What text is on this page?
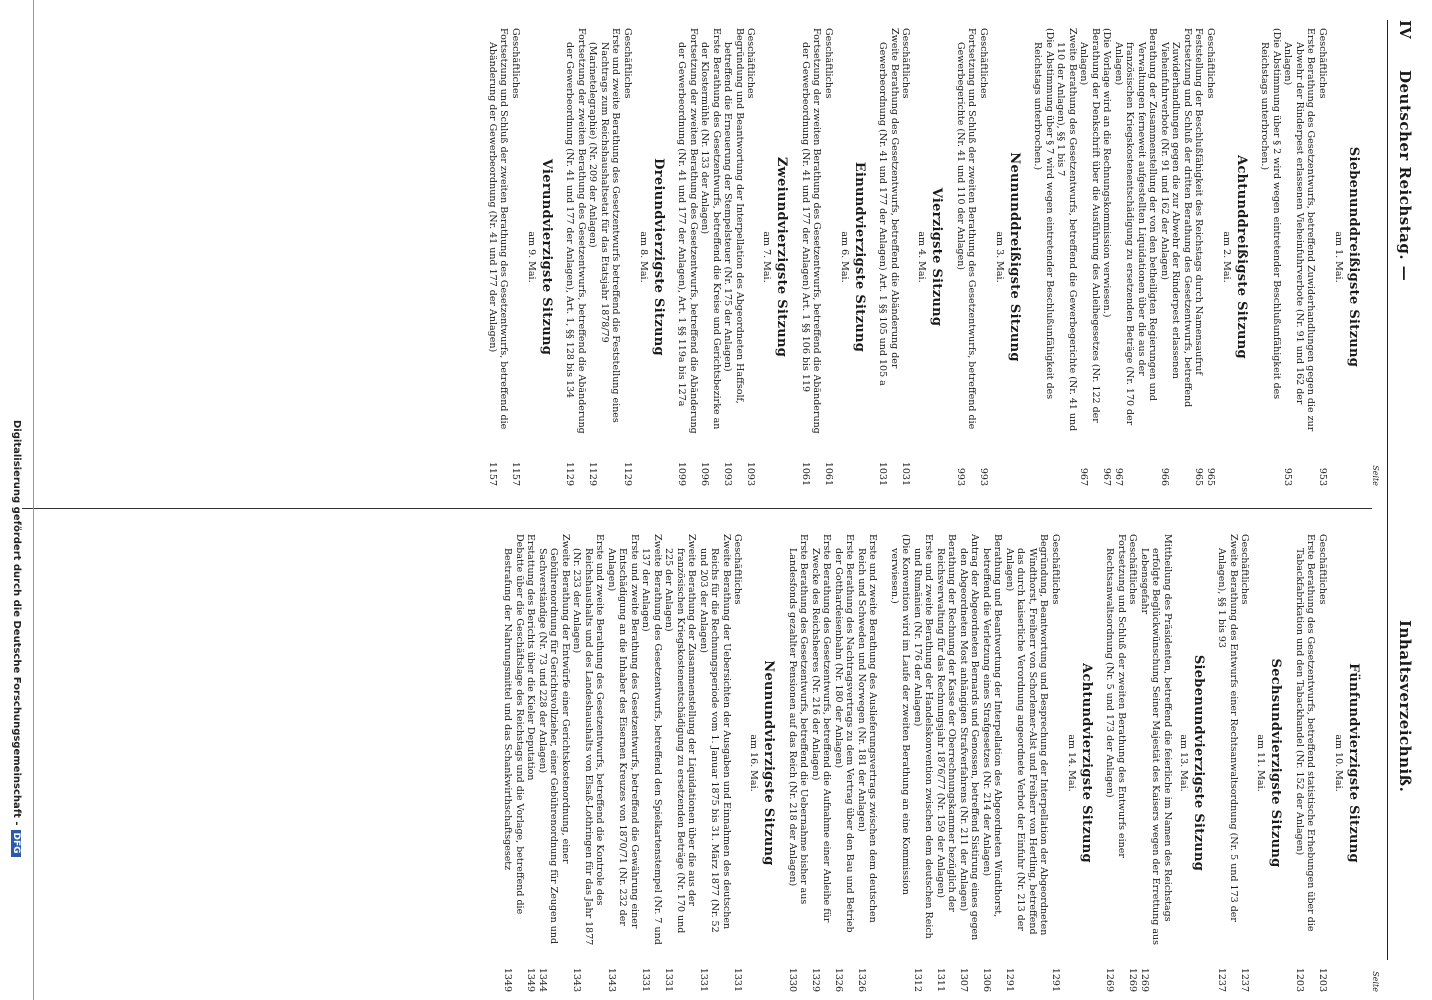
IV
Deutscher Reichstag. —
Inhaltsverzeichniß.
Seite
Siebenunddreißigste Sitzung
am 1. Mai.
Geschäftliches
953
Erste Berathung des Gesetzentwurfs, betreffend Zuwiderhandlungen gegen die zur Abwehr der Rinderpest erlassenen Vieheinfuhrverbote (Nr. 91 und 162 der Anlagen)
953
(Die Abstimmung über § 2 wird wegen eintretender Beschlußunfähigkeit des Reichstags unterbrochen.)
Achtunddreißigste Sitzung
am 2. Mai.
Geschäftliches
965
Feststellung der Beschlußfähigkeit des Reichstags durch Namensaufruf
965
Fortsetzung und Schluß der dritten Berathung des Gesetzentwurfs, betreffend Zuwiderhandlungen gegen die zur Abwehr der Rinderpest erlassenen Vieheinfuhrverbote (Nr. 91 und 162 der Anlagen)
966
Berathung der Zusammenstellung der von den betheiligten Regierungen und Verwaltungen ferneweit aufgestellten Liquidationen über die aus der französischen Kriegskostenentschädigung zu ersetzenden Beträge (Nr. 170 der Anlagen)
967
(Die Vorlage wird an die Rechnungskommission verwiesen.)
967
Berathung der Denkschrift über die Ausführung des Anleihegesetzes (Nr. 122 der Anlagen)
967
Zweite Berathung des Gesetzentwurfs, betreffend die Gewerbegerichte (Nr. 41 und 110 der Anlagen), §§ 1 bis 7
(Die Abstimmung über § 7 wird wegen eintretender Beschlußunfähigkeit des Reichstags unterbrochen.)
Neununddreißigste Sitzung
am 3. Mai.
Geschäftliches
993
Fortsetzung und Schluß der zweiten Berathung des Gesetzentwurfs, betreffend die Gewerbegerichte (Nr. 41 und 110 der Anlagen)
993
Vierzigste Sitzung
am 4. Mai.
Geschäftliches
1031
Zweite Berathung des Gesetzentwurfs, betreffend die Abänderung der Gewerbeordnung (Nr. 41 und 177 der Anlagen) Art. 1 §§ 105 und 105 a
1031
Einundvierzigste Sitzung
am 6. Mai.
Geschäftliches
1061
Fortsetzung der zweiten Berathung des Gesetzentwurfs, betreffend die Abänderung der Gewerbeordnung (Nr. 41 und 177 der Anlagen) Art. 1 §§ 106 bis 119
1061
Zweiundvierzigste Sitzung
am 7. Mai.
Geschäftliches
1093
Begründung und Beantwortung der Interpellation des Abgeordneten Haffsolf, betreffend die Erneuerung der Stempelsteuer (Nr. 175 der Anlagen)
1093
Erste Berathung des Gesetzentwurfs, betreffend die Kreise und Gerichtsbezirke an der Klostermühle (Nr. 133 der Anlagen)
1096
Fortsetzung der zweiten Berathung des Gesetzentwurfs, betreffend die Abänderung der Gewerbeordnung (Nr. 41 und 177 der Anlagen), Art. 1 §§ 119a bis 127a
1099
Dreiundvierzigste Sitzung
am 8. Mai.
Geschäftliches
1129
Erste und zweite Berathung des Gesetzentwurfs betreffend die Feststellung eines Nachtrags zum Reichshaushaltsetat für das Etatsjahr 1878/79 (Marinetelegraphie) (Nr. 209 der Anlagen)
1129
Fortsetzung der zweiten Berathung des Gesetzentwurfs, betreffend die Abänderung der Gewerbeordnung (Nr. 41 und 177 der Anlagen), Art. 1, §§ 128 bis 134
1129
Vierundvierzigste Sitzung
am 9. Mai.
Geschäftliches
1157
Fortsetzung und Schluß der zweiten Berathung des Gesetzentwurfs, betreffend die Abänderung der Gewerbeordnung (Nr. 41 und 177 der Anlagen)
1157
Seite
Fünfundvierzigste Sitzung
am 10. Mai.
Geschäftliches
1203
Erste Berathung des Gesetzentwurfs, betreffend statistische Erhebungen über die Tabackfabrikation und den Tabackhandel (Nr. 152 der Anlagen)
1203
Sechsundvierzigste Sitzung
am 11. Mai.
Geschäftliches
1237
Zweite Berathung des Entwurfs einer Rechtsanwaltsordnung (Nr. 5 und 173 der Anlagen), §§ 1 bis 93
1237
Siebenundvierzigste Sitzung
am 13. Mai.
Mittheilung des Präsidenten, betreffend die feierliche im Namen des Reichstags erfolgte Beglückwünschung Seiner Majestät des Kaisers wegen der Errettung aus Lebensgefahr
1269
Geschäftliches
1269
Fortsetzung und Schluß der zweiten Berathung des Entwurfs einer Rechtsanwaltsordnung (Nr. 5 und 173 der Anlagen)
1269
Achtundvierzigste Sitzung
am 14. Mai.
Geschäftliches
1291
Begründung, Beantwortung und Besprechung der Interpellation der Abgeordneten Windthorst, Freiherr von Schorlemer-Alst und Freiherr von Hertling, betreffend das durch kaiserliche Verordnung angeordnete Verbot der Einfuhr (Nr. 213 der Anlagen)
1291
Berathung und Beantwortung der Interpellation des Abgeordneten Windthorst, betreffend die Verletzung eines Strafgesetzes (Nr. 214 der Anlagen)
1306
Antrag der Abgeordneten Bernards und Genossen, betreffend Sistirung eines gegen den Abgeordneten Most anhängigen Strafverfahrens (Nr. 211 der Anlagen)
1307
Berathung der Rechnung der Kasse der Oberrechnungskammer bezüglich der Reichsverwaltung für das Rechnungsjahr 1876/77 (Nr. 159 der Anlagen)
1311
Erste und zweite Berathung der Handelskonvention zwischen dem deutschen Reich und Rumänien (Nr. 176 der Anlagen)
1312
(Die Konvention wird im Laufe der zweiten Berathung an eine Kommission verwiesen.)
Erste und zweite Berathung des Auslieferungsvertrags zwischen dem deutschen Reich und Schweden und Norwegen (Nr. 181 der Anlagen)
1326
Erste Berathung des Nachtragsvertrags zu dem Vertrag über den Bau und Betrieb der Gotthardeisenbahn (Nr. 180 der Anlagen)
1326
Erste Berathung des Gesetzentwurfs, betreffend die Aufnahme einer Anleihe für Zwecke des Reichsheeres (Nr. 216 der Anlagen)
1329
Erste Berathung des Gesetzentwurfs, betreffend die Uebernahme bisher aus Landesfonds gezahlter Pensionen auf das Reich (Nr. 218 der Anlagen)
1330
Neunundvierzigste Sitzung
am 16. Mai.
Geschäftliches
1331
Zweite Berathung der Uebersichten der Ausgaben und Einnahmen des deutschen Reichs für die Rechnungsperiode vom 1. Januar 1875 bis 31. März 1877 (Nr. 52 und 203 der Anlagen)
1331
Zweite Berathung der Zusammenstellung der Liquidationen über die aus der französischen Kriegskostenentschädigung zu ersetzenden Beträge (Nr. 170 und 225 der Anlagen)
1331
Zweite Berathung des Gesetzentwurfs, betreffend den Spielkartenstempel (Nr. 7 und 137 der Anlagen)
1331
Erste und zweite Berathung des Gesetzentwurfs, betreffend die Gewährung einer Entschädigung an die Inhaber des Eisernen Kreuzes von 1870/71 (Nr. 232 der Anlagen)
1343
Erste und zweite Berathung des Gesetzentwurfs, betreffend die Kontrole des Reichshaushalts und des Landeshaushalts von Elsaß-Lothringen für das Jahr 1877 (Nr. 233 der Anlagen)
1343
Zweite Berathung der Entwürfe einer Gerichtskostenordnung, einer Gebührenordnung für Gerichtsvollzieher, einer Gebührenordnung für Zeugen und Sachverständige (Nr. 73 und 228 der Anlagen)
1344
Erstattung des Berichts über die Kieler Deputation
1349
Debatte über die Geschäftslage des Reichstags und die Vorlage, betreffend die Bestrafung der Nahrungsmittel und das Schankwirthschaftsgesetz
1349
Digitalisierung gefördert durch die Deutsche Forschungsgemeinschaft -DFG
